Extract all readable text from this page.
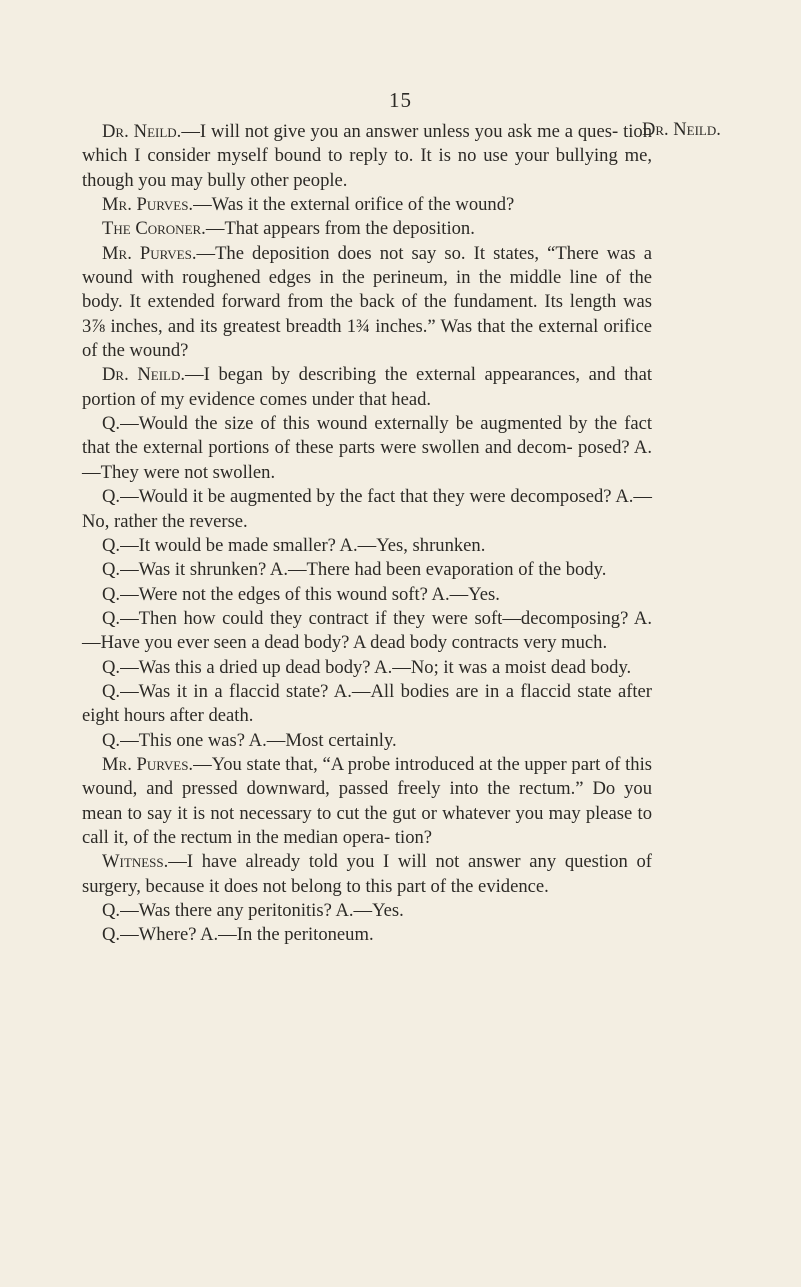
15
Dr. Neild.

Dr. Neild.—I will not give you an answer unless you ask me a ques- tion which I consider myself bound to reply to. It is no use your bullying me, though you may bully other people.

Mr. Purves.—Was it the external orifice of the wound?

The Coroner.—That appears from the deposition.

Mr. Purves.—The deposition does not say so. It states, “There was a wound with roughened edges in the perineum, in the middle line of the body. It extended forward from the back of the fundament. Its length was 3⅞ inches, and its greatest breadth 1¾ inches.” Was that the external orifice of the wound?

Dr. Neild.—I began by describing the external appearances, and that portion of my evidence comes under that head.

Q.—Would the size of this wound externally be augmented by the fact that the external portions of these parts were swollen and decom- posed? A.—They were not swollen.

Q.—Would it be augmented by the fact that they were decomposed? A.—No, rather the reverse.

Q.—It would be made smaller? A.—Yes, shrunken.

Q.—Was it shrunken? A.—There had been evaporation of the body.

Q.—Were not the edges of this wound soft? A.—Yes.

Q.—Then how could they contract if they were soft—decomposing? A.—Have you ever seen a dead body? A dead body contracts very much.

Q.—Was this a dried up dead body? A.—No; it was a moist dead body.

Q.—Was it in a flaccid state? A.—All bodies are in a flaccid state after eight hours after death.

Q.—This one was? A.—Most certainly.

Mr. Purves.—You state that, “A probe introduced at the upper part of this wound, and pressed downward, passed freely into the rectum.” Do you mean to say it is not necessary to cut the gut or whatever you may please to call it, of the rectum in the median opera- tion?

Witness.—I have already told you I will not answer any question of surgery, because it does not belong to this part of the evidence.

Q.—Was there any peritonitis? A.—Yes.

Q.—Where? A.—In the peritoneum.
